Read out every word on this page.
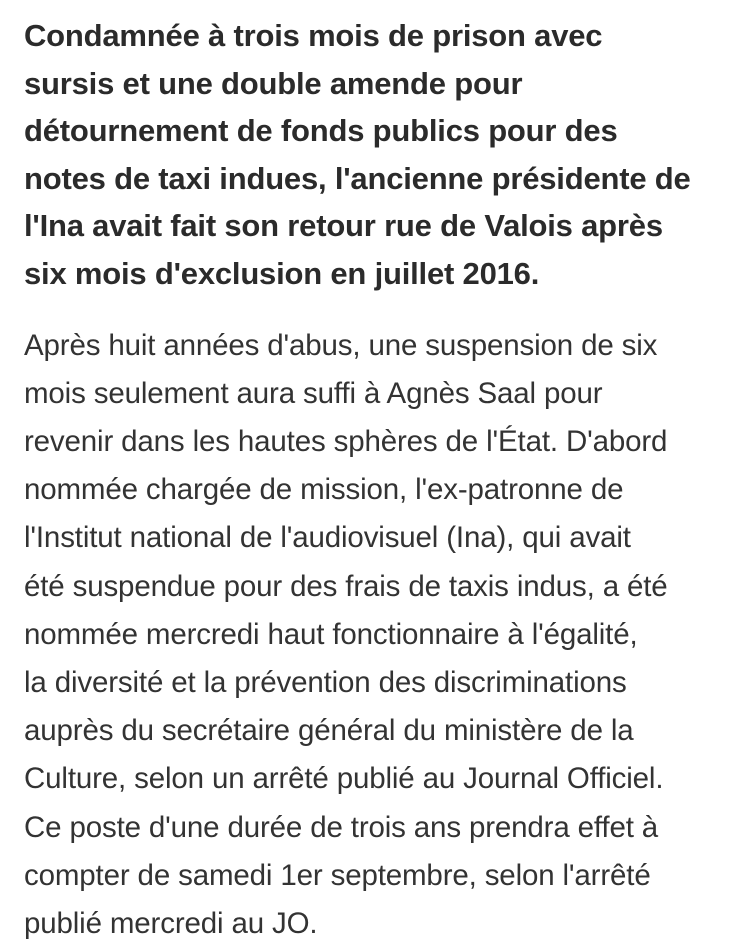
Condamnée à trois mois de prison avec
sursis et une double amende pour
détournement de fonds publics pour des
notes de taxi indues, l'ancienne présidente de
l'Ina avait fait son retour rue de Valois après
six mois d'exclusion en juillet 2016.

Après huit années d'abus, une suspension de six
mois seulement aura suffi à Agnès Saal pour
revenir dans les hautes sphères de l'État. D'abord
nommée chargée de mission, l'ex-patronne de
l'Institut national de l'audiovisuel (Ina), qui avait
été suspendue pour des frais de taxis indus, a été
nommée mercredi haut fonctionnaire à l'égalité,
la diversité et la prévention des discriminations
auprès du secrétaire général du ministère de la
Culture, selon un arrêté publié au Journal Officiel.
Ce poste d'une durée de trois ans prendra effet à
compter de samedi 1er septembre, selon l'arrêté
publié mercredi au JO.
